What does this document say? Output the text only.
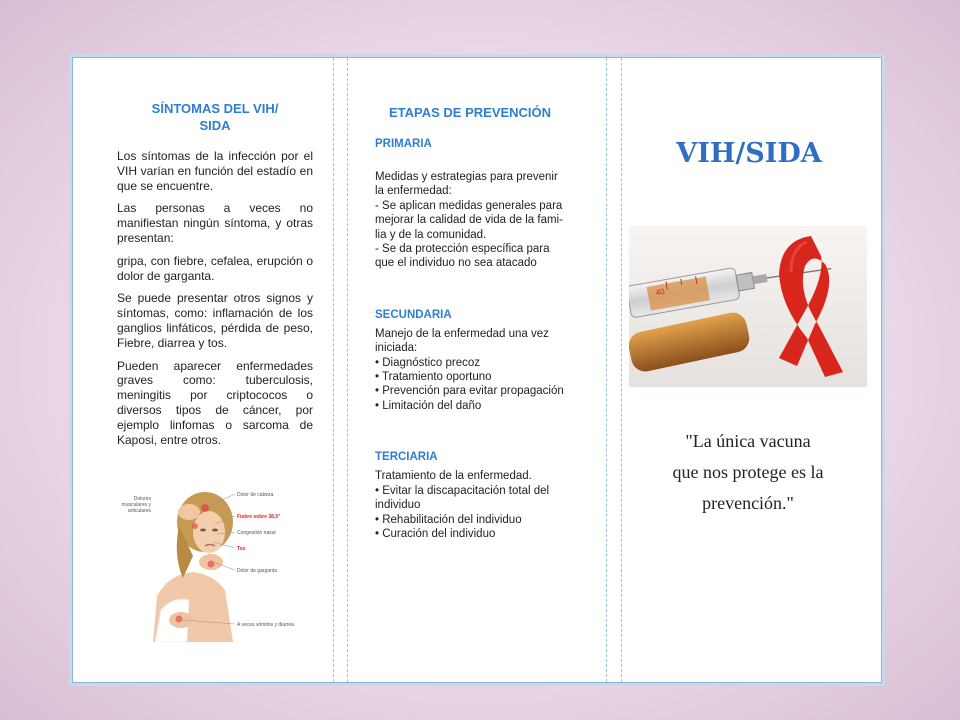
SÍNTOMAS DEL VIH/
SIDA

Los síntomas de la infección por el VIH varían en función del estadío en que se encuentre.

Las personas a veces no manifiestan ningún síntoma, y otras presentan:

gripa, con fiebre, cefalea, erupción o dolor de garganta.

Se puede presentar otros signos y síntomas, como: inflamación de los ganglios linfáticos, pérdida de peso, Fiebre, diarrea y tos.

Pueden aparecer enfermedades graves como: tuberculosis, meningitis por criptococos o diversos tipos de cáncer, por ejemplo linfomas o sarcoma de Kaposi, entre otros.

Dolor de cabeza
Fiebre sobre 38,5°
Congestión nasal
Tos
Dolor de garganta
A veces vómitos y diarrea
Dolores musculares y articulares
ETAPAS DE PREVENCIÓN
PRIMARIA
Medidas y estrategias para prevenir
la enfermedad:
- Se aplican medidas generales para
mejorar la calidad de vida de la fami-
lia y de la comunidad.
- Se da protección específica para
que el individuo no sea atacado
SECUNDARIA
Manejo de la enfermedad una vez
iniciada:
• Diagnóstico precoz
• Tratamiento oportuno
• Prevención para evitar propagación
• Limitación del daño
TERCIARIA
Tratamiento de la enfermedad.
• Evitar la discapacitación total del
individuo
• Rehabilitación del individuo
• Curación del individuo
VIH/SIDA
40
"La única vacuna
que nos protege es la
prevención."
